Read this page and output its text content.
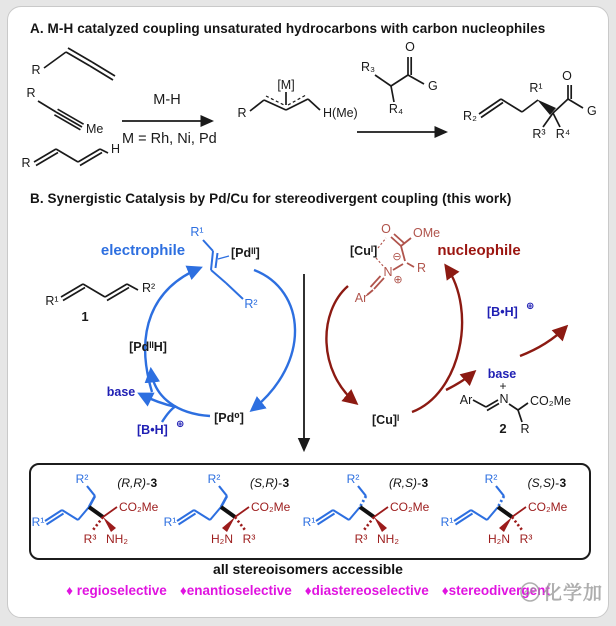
A. M-H catalyzed coupling unsaturated hydrocarbons with carbon nucleophiles
B. Synergistic Catalysis by Pd/Cu for stereodivergent coupling (this work)
R
R
Me
R
H
M-H
M = Rh, Ni, Pd
[M]
R	H(Me)
R₃
O
G
R₄	R₂
R¹
O
G
R³ R⁴
electrophile	nucleophile
R¹
R²
1
R¹
R²
[Pdᴵᴵ]	[Cuᴵ]
O OMe
⊖
R
N
⊕
Ar
[PdᴵᴵH]
[Pd⁰]	[Cu]ᴵ
base
[B•H] ⊕
[B•H] ⊕
base
+
Ar N CO₂Me
R
2
R²
R¹
CO₂Me
R³ NH₂
(R,R)- 3	R²
R¹
CO₂Me
H₂N R³
(S,R)- 3	R²
R¹
CO₂Me
R³ NH₂
(R,S)- 3	R²
R¹
CO₂Me
H₂N R³
(S,S)- 3
all stereoisomers accessible
♦ regioselective ♦enantioselective ♦diastereoselective ♦stereodivergent
化学加
